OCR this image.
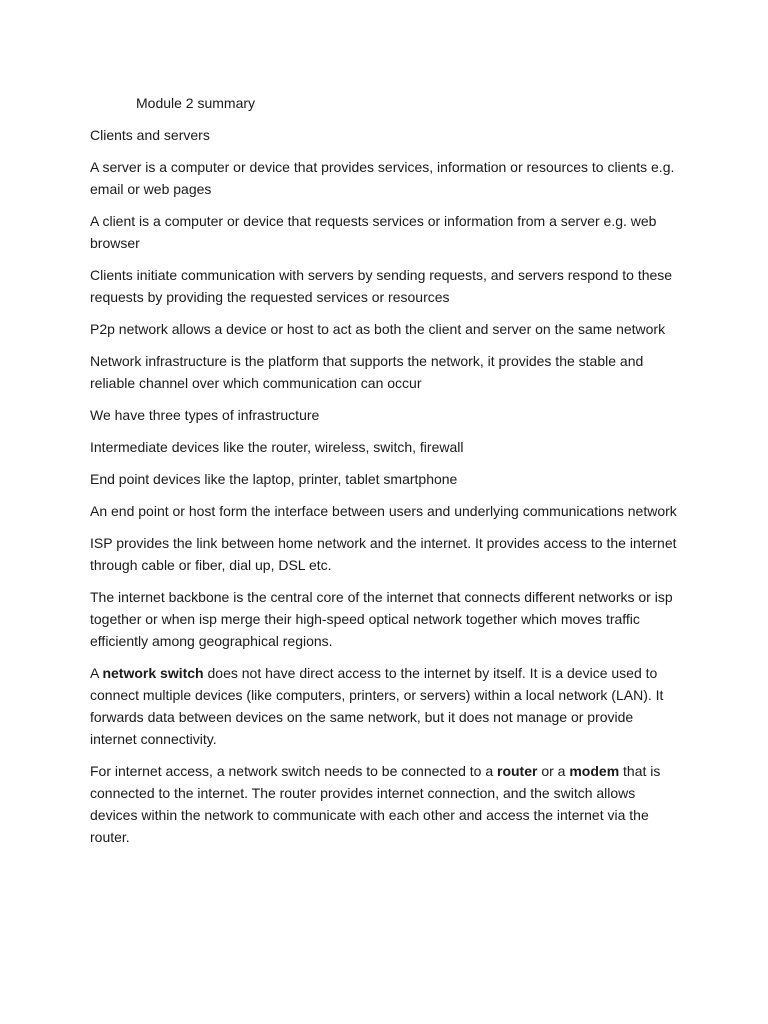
Module 2 summary
Clients and servers
A server is a computer or device that provides services, information or resources to clients e.g. email or web pages
A client is a computer or device that requests services or information from a server e.g. web browser
Clients initiate communication with servers by sending requests, and servers respond to these requests by providing the requested services or resources
P2p network allows a device or host to act as both the client and server on the same network
Network infrastructure is the platform that supports the network, it provides the stable and reliable channel over which communication can occur
We have three types of infrastructure
Intermediate devices like the router, wireless, switch, firewall
End point devices like the laptop, printer, tablet smartphone
An end point or host form the interface between users and underlying communications network
ISP provides the link between home network and the internet. It provides access to the internet through cable or fiber, dial up, DSL etc.
The internet backbone is the central core of the internet that connects different networks or isp together or when isp merge their high-speed optical network together which moves traffic efficiently among geographical regions.
A network switch does not have direct access to the internet by itself. It is a device used to connect multiple devices (like computers, printers, or servers) within a local network (LAN). It forwards data between devices on the same network, but it does not manage or provide internet connectivity.
For internet access, a network switch needs to be connected to a router or a modem that is connected to the internet. The router provides internet connection, and the switch allows devices within the network to communicate with each other and access the internet via the router.
